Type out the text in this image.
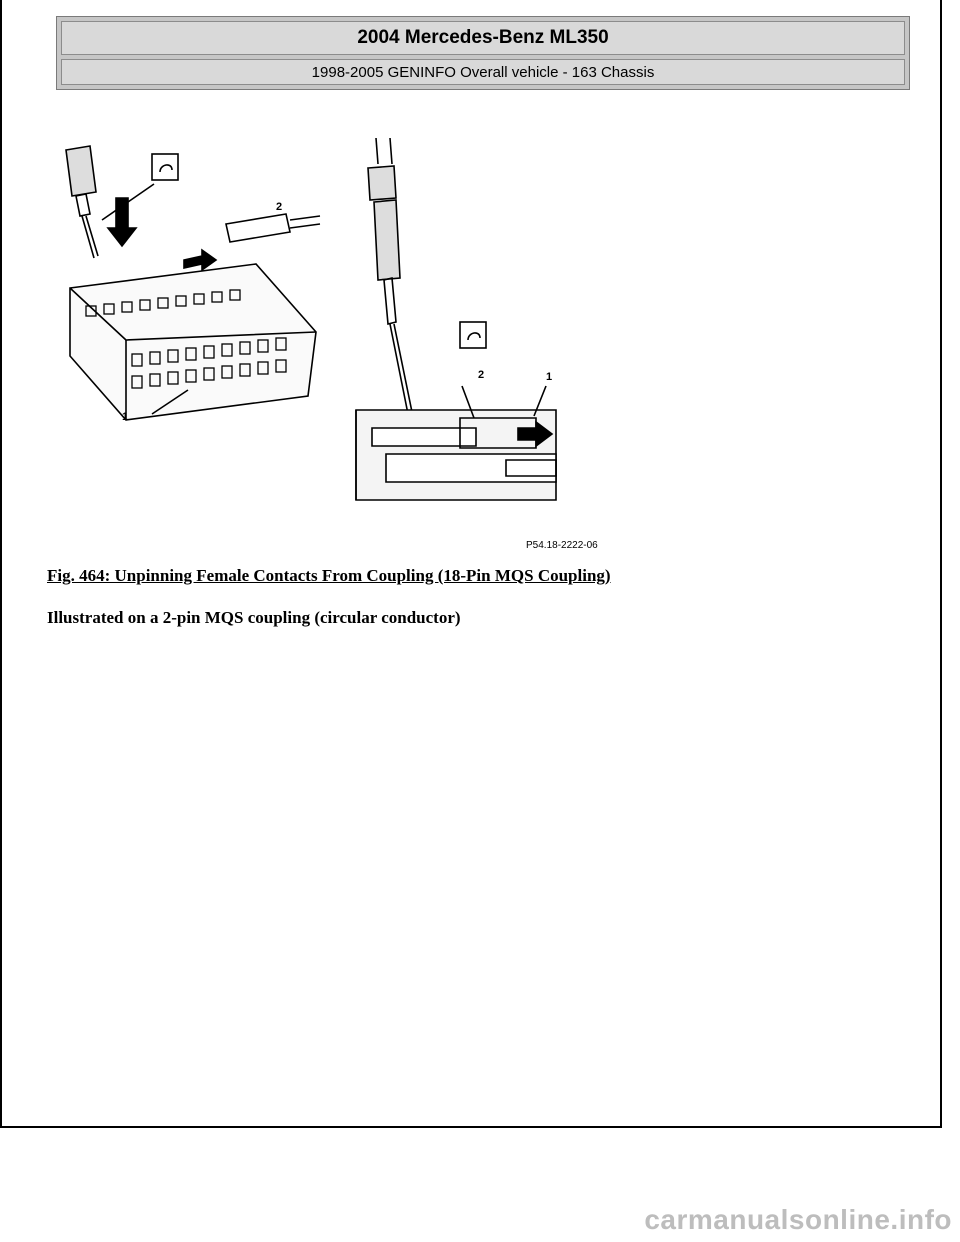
2004 Mercedes-Benz ML350
1998-2005 GENINFO Overall vehicle - 163 Chassis
2
1
2	1
P54.18-2222-06
Fig. 464: Unpinning Female Contacts From Coupling (18-Pin MQS Coupling)
Illustrated on a 2-pin MQS coupling (circular conductor)
carmanualsonline.info
